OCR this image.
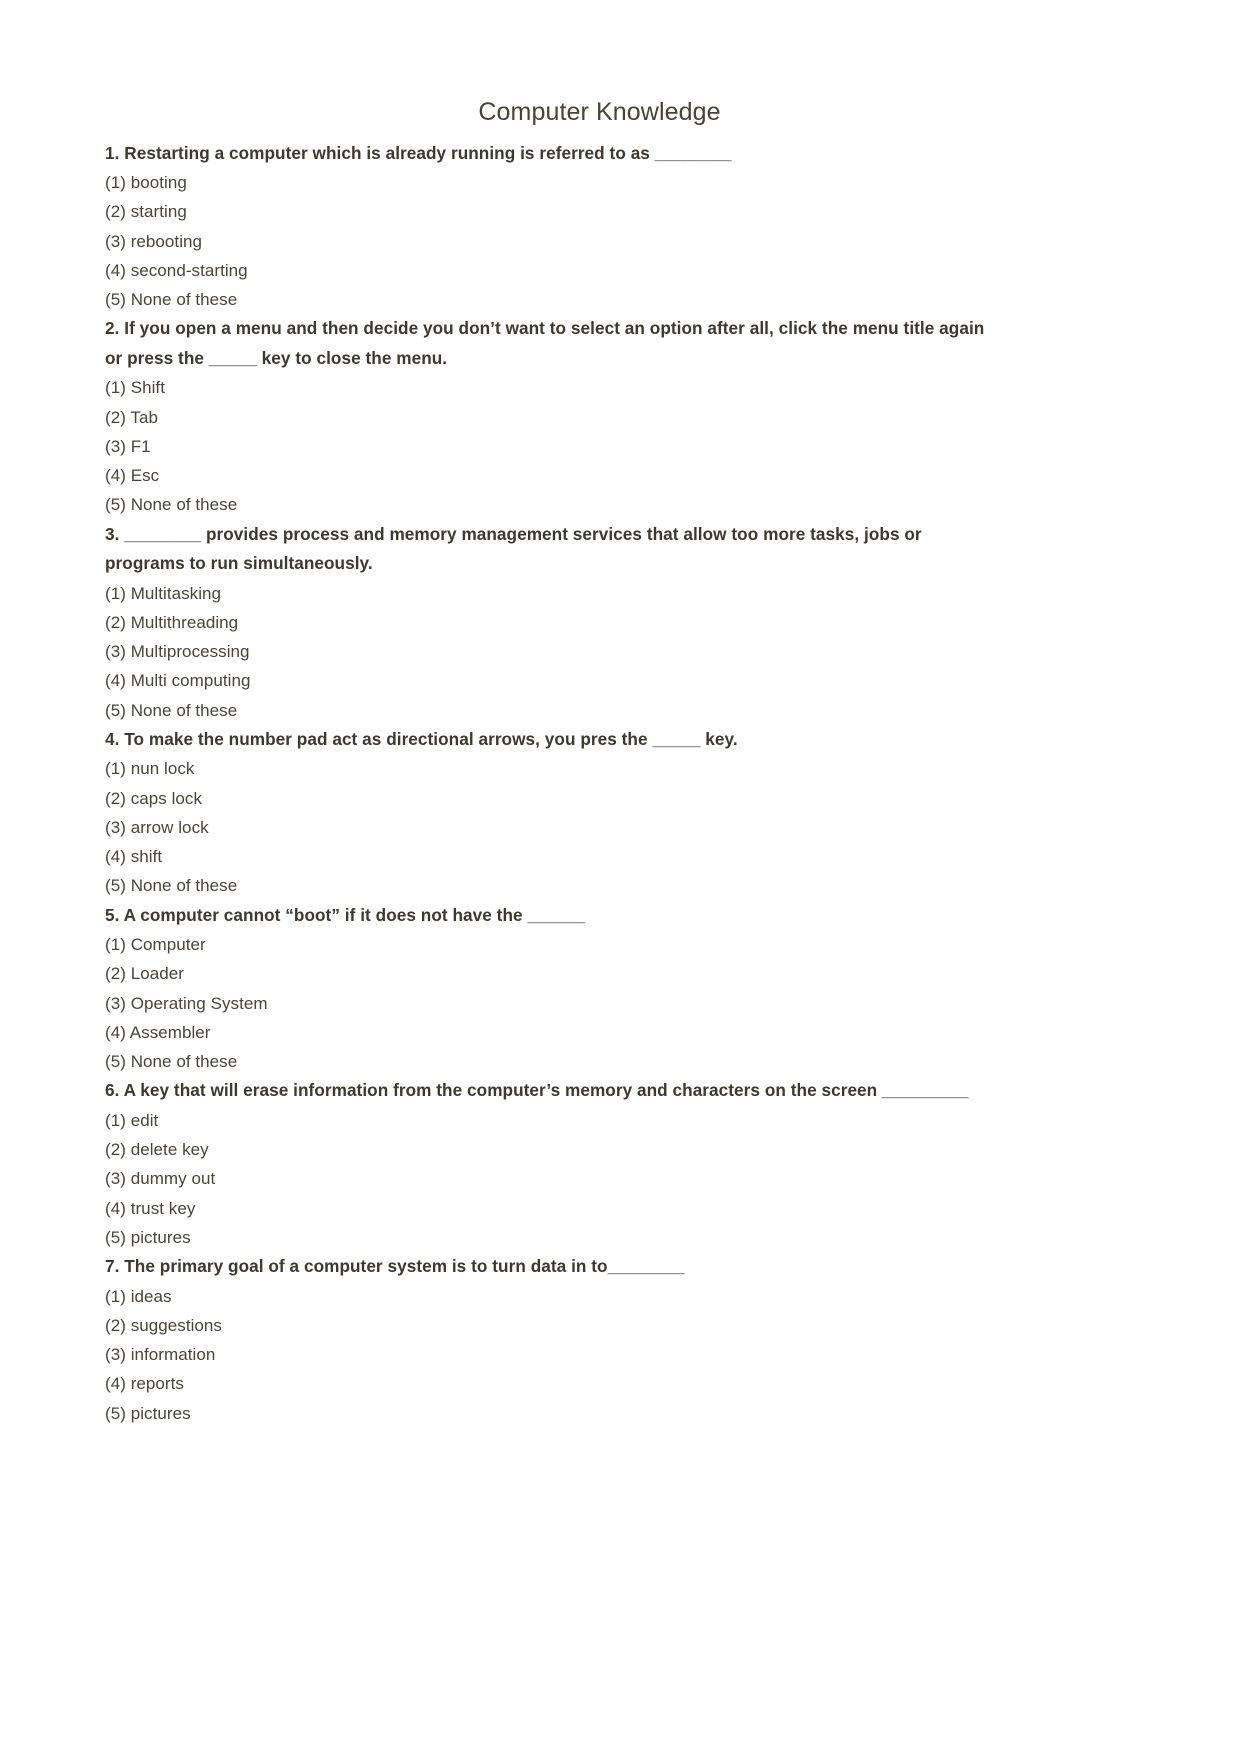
Computer Knowledge

1. Restarting a computer which is already running is referred to as ________

(1) booting

(2) starting

(3) rebooting

(4) second-starting

(5) None of these

2. If you open a menu and then decide you don’t want to select an option after all, click the menu title again or press the _____ key to close the menu.

(1) Shift

(2) Tab

(3) F1

(4) Esc

(5) None of these

3. ________ provides process and memory management services that allow too more tasks, jobs or programs to run simultaneously.

(1) Multitasking

(2) Multithreading

(3) Multiprocessing

(4) Multi computing

(5) None of these

4. To make the number pad act as directional arrows, you pres the _____ key.

(1) nun lock

(2) caps lock

(3) arrow lock

(4) shift

(5) None of these

5. A computer cannot “boot” if it does not have the ______

(1) Computer

(2) Loader

(3) Operating System

(4) Assembler

(5) None of these

6. A key that will erase information from the computer’s memory and characters on the screen _________

(1) edit

(2) delete key

(3) dummy out

(4) trust key

(5) pictures

7. The primary goal of a computer system is to turn data in to________

(1) ideas

(2) suggestions

(3) information

(4) reports

(5) pictures
